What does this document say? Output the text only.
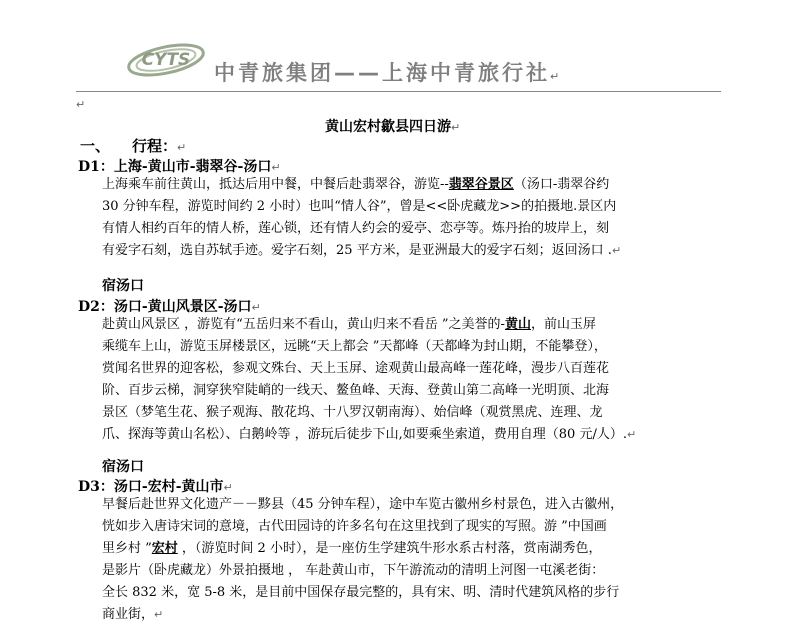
CYTS
中青旅集团——上海中青旅行社↵
↵
黄山宏村歙县四日游↵
一、 行程：↵
D1：上海-黄山市-翡翠谷-汤口↵
上海乘车前往黄山，抵达后用中餐，中餐后赴翡翠谷，游览--翡翠谷景区（汤口-翡翠谷约
30 分钟车程，游览时间约 2 小时）也叫“情人谷”，曾是<<卧虎藏龙>>的拍摄地.景区内
有情人相约百年的情人桥，莲心锁，还有情人约会的爱亭、恋亭等。炼丹抬的坡岸上，刻
有爱字石刻，选自苏轼手迹。爱字石刻，25 平方米，是亚洲最大的爱字石刻；返回汤口 .↵
宿汤口
D2：汤口-黄山风景区-汤口↵
赴黄山风景区 ，游览有“五岳归来不看山，黄山归来不看岳 ”之美誉的-黄山，前山玉屏
乘缆车上山，游览玉屏楼景区，远眺“天上都会 ”天都峰（天都峰为封山期，不能攀登），
赏闻名世界的迎客松，参观文殊台、天上玉屏、途观黄山最高峰一莲花峰，漫步八百莲花
阶、百步云梯，洞穿狭窄陡峭的一线天、鳌鱼峰、天海、登黄山第二高峰一光明顶、北海
景区（梦笔生花、猴子观海、散花坞、十八罗汉朝南海）、始信峰（观赏黑虎、连理、龙
爪、探海等黄山名松）、白鹅岭等 ，游玩后徒步下山,如要乘坐索道，费用自理（80 元/人）.↵
宿汤口
D3：汤口-宏村-黄山市↵
早餐后赴世界文化遗产－－黟县（45 分钟车程），途中车览古徽州乡村景色，进入古徽州，
恍如步入唐诗宋词的意境，古代田园诗的许多名句在这里找到了现实的写照。游 ”中国画
里乡村 ”宏村 ，（游览时间 2 小时），是一座仿生学建筑牛形水系古村落，赏南湖秀色，
是影片（卧虎藏龙）外景拍摄地 ， 车赴黄山市，下午游流动的清明上河图一屯溪老街：
全长 832 米，宽 5-8 米，是目前中国保存最完整的，具有宋、明、清时代建筑风格的步行
商业街，↵
